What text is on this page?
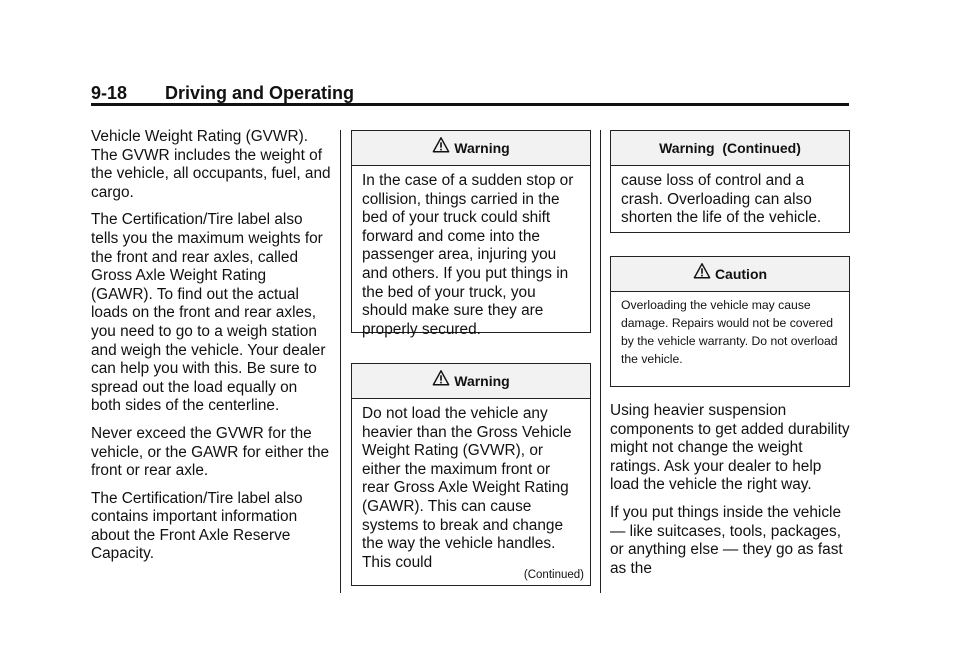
9-18 Driving and Operating

Vehicle Weight Rating (GVWR). The GVWR includes the weight of the vehicle, all occupants, fuel, and cargo.

The Certification/Tire label also tells you the maximum weights for the front and rear axles, called Gross Axle Weight Rating (GAWR). To find out the actual loads on the front and rear axles, you need to go to a weigh station and weigh the vehicle. Your dealer can help you with this. Be sure to spread out the load equally on both sides of the centerline.

Never exceed the GVWR for the vehicle, or the GAWR for either the front or rear axle.

The Certification/Tire label also contains important information about the Front Axle Reserve Capacity.

Warning
In the case of a sudden stop or collision, things carried in the bed of your truck could shift forward and come into the passenger area, injuring you and others. If you put things in the bed of your truck, you should make sure they are properly secured.
Warning
Do not load the vehicle any heavier than the Gross Vehicle Weight Rating (GVWR), or either the maximum front or rear Gross Axle Weight Rating (GAWR). This can cause systems to break and change the way the vehicle handles. This could
(Continued)
Warning  (Continued)
cause loss of control and a crash. Overloading can also shorten the life of the vehicle.
Caution
Overloading the vehicle may cause damage. Repairs would not be covered by the vehicle warranty. Do not overload the vehicle.

Using heavier suspension components to get added durability might not change the weight ratings. Ask your dealer to help load the vehicle the right way.

If you put things inside the vehicle — like suitcases, tools, packages, or anything else — they go as fast as the
